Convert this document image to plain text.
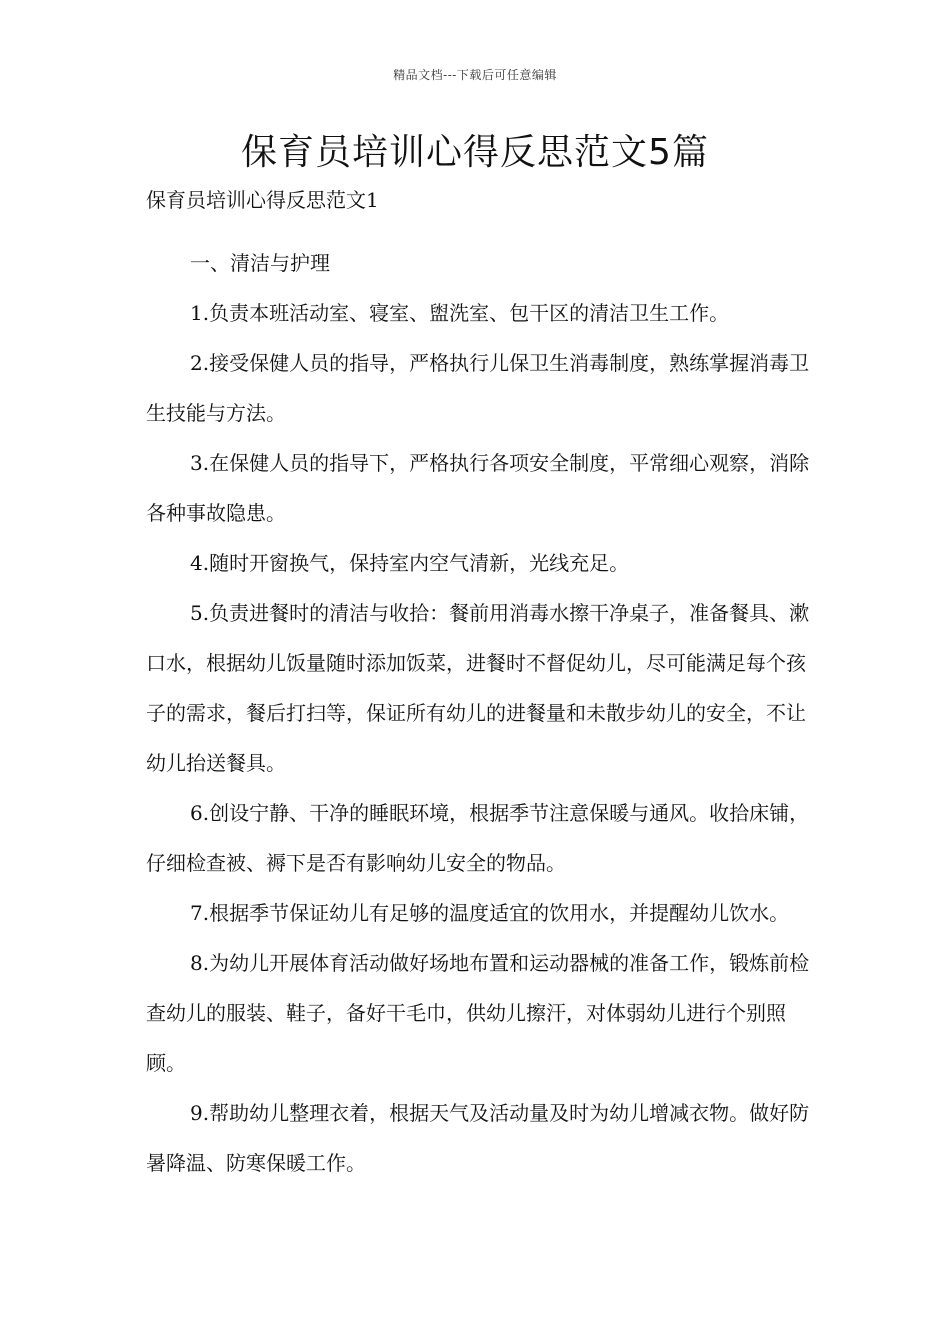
精品文档---下载后可任意编辑
保育员培训心得反思范文5篇

保育员培训心得反思范文1

一、清洁与护理

1.负责本班活动室、寝室、盥洗室、包干区的清洁卫生工作。

2.接受保健人员的指导，严格执行儿保卫生消毒制度，熟练掌握消毒卫生技能与方法。

3.在保健人员的指导下，严格执行各项安全制度，平常细心观察，消除各种事故隐患。

4.随时开窗换气，保持室内空气清新，光线充足。

5.负责进餐时的清洁与收拾：餐前用消毒水擦干净桌子，准备餐具、漱口水，根据幼儿饭量随时添加饭菜，进餐时不督促幼儿，尽可能满足每个孩子的需求，餐后打扫等，保证所有幼儿的进餐量和未散步幼儿的安全，不让幼儿抬送餐具。

6.创设宁静、干净的睡眠环境，根据季节注意保暖与通风。收拾床铺，仔细检查被、褥下是否有影响幼儿安全的物品。

7.根据季节保证幼儿有足够的温度适宜的饮用水，并提醒幼儿饮水。

8.为幼儿开展体育活动做好场地布置和运动器械的准备工作，锻炼前检查幼儿的服装、鞋子，备好干毛巾，供幼儿擦汗，对体弱幼儿进行个别照顾。

9.帮助幼儿整理衣着，根据天气及活动量及时为幼儿增减衣物。做好防暑降温、防寒保暖工作。
